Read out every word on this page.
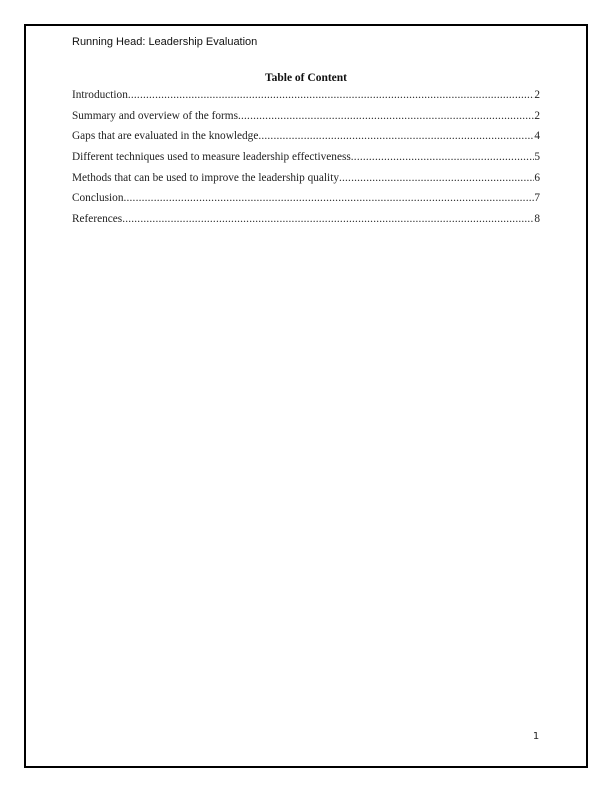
Running Head: Leadership Evaluation
Table of Content
Introduction .....	2
Summary and overview of the forms .....	2
Gaps that are evaluated in the knowledge .....	4
Different techniques used to measure leadership effectiveness .....	5
Methods that can be used to improve the leadership quality .....	6
Conclusion .....	7
References .....	8
1
